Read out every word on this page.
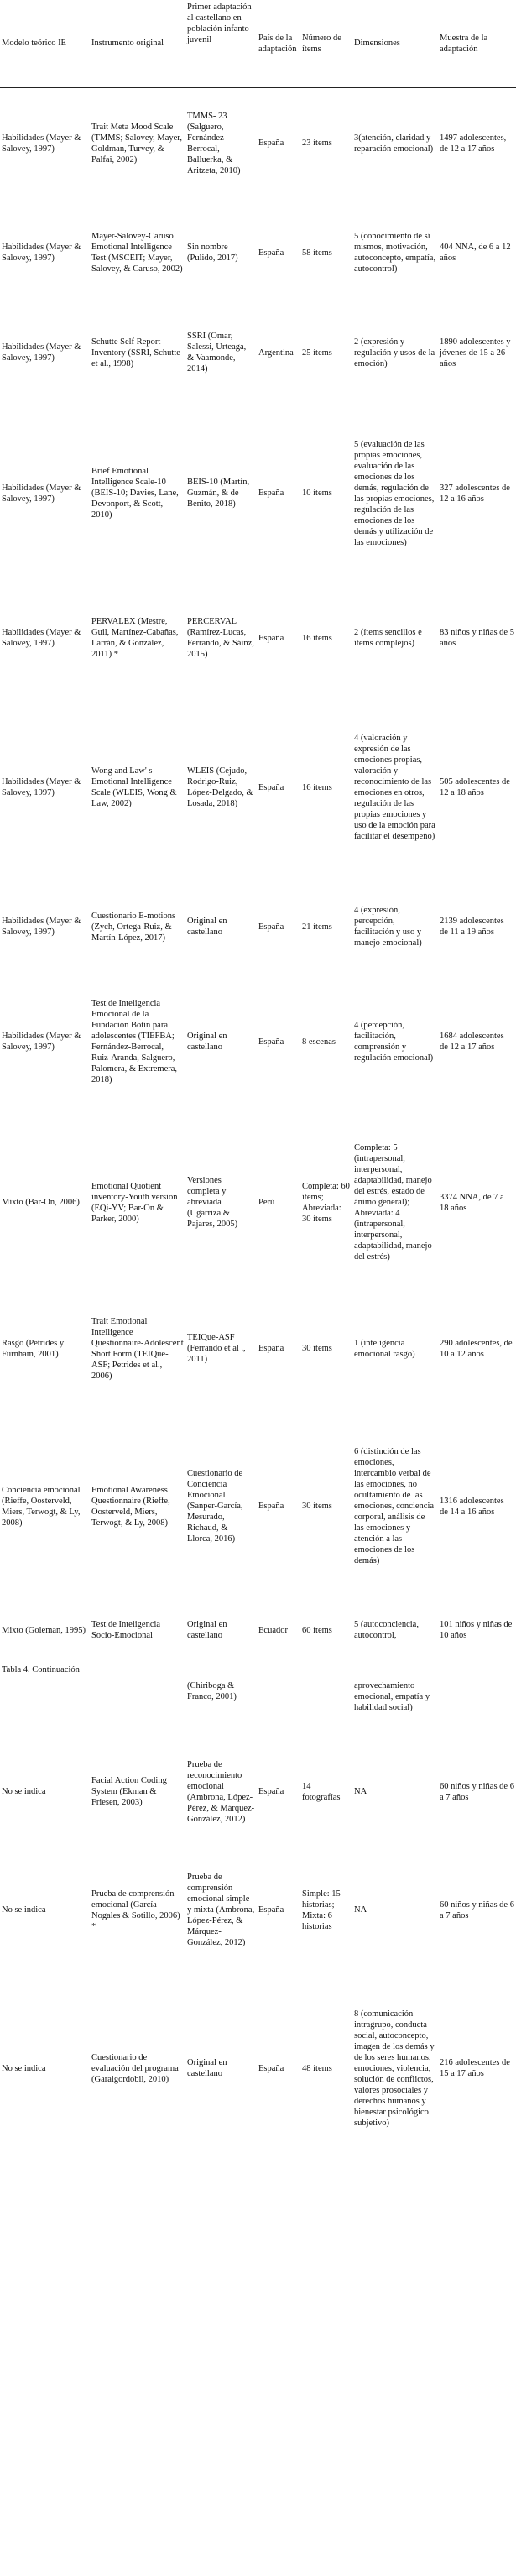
Modelo teórico IE	Instrumento original	Primer adaptación al castellano en población infanto-juvenil	País de la adaptación	Número de ítems	Dimensiones	Muestra de la adaptación
Habilidades (Mayer & Salovey, 1997)	Trait Meta Mood Scale (TMMS; Salovey, Mayer, Goldman, Turvey, & Palfai, 2002)	TMMS- 23 (Salguero, Fernández-Berrocal, Balluerka, & Aritzeta, 2010)	España	23 ítems	3(atención, claridad y reparación emocional)	1497 adolescentes, de 12 a 17 años
Habilidades (Mayer & Salovey, 1997)	Mayer-Salovey-Caruso Emotional Intelligence Test (MSCEIT; Mayer, Salovey, & Caruso, 2002)	Sin nombre (Pulido, 2017)	España	58 ítems	5 (conocimiento de sí mismos, motivación, autoconcepto, empatía, autocontrol)	404 NNA, de 6 a 12 años
Habilidades (Mayer & Salovey, 1997)	Schutte Self Report Inventory (SSRI, Schutte et al., 1998)	SSRI (Omar, Salessi, Urteaga, & Vaamonde, 2014)	Argentina	25 ítems	2 (expresión y regulación y usos de la emoción)	1890 adolescentes y jóvenes de 15 a 26 años
Habilidades (Mayer & Salovey, 1997)	Brief Emotional Intelligence Scale-10 (BEIS-10; Davies, Lane, Devonport, & Scott, 2010)	BEIS-10 (Martín, Guzmán, & de Benito, 2018)	España	10 ítems	5 (evaluación de las propias emociones, evaluación de las emociones de los demás, regulación de las propias emociones, regulación de las emociones de los demás y utilización de las emociones)	327 adolescentes de 12 a 16 años
Habilidades (Mayer & Salovey, 1997)	PERVALEX (Mestre, Guil, Martínez-Cabañas, Larrán, & González, 2011) *	PERCERVAL (Ramírez-Lucas, Ferrando, & Sáinz, 2015)	España	16 ítems	2 (ítems sencillos e ítems complejos)	83 niños y niñas de 5 años
Habilidades (Mayer & Salovey, 1997)	Wong and Law' s Emotional Intelligence Scale (WLEIS, Wong & Law, 2002)	WLEIS (Cejudo, Rodrigo-Ruiz, López-Delgado, & Losada, 2018)	España	16 ítems	4 (valoración y expresión de las emociones propias, valoración y reconocimiento de las emociones en otros, regulación de las propias emociones y uso de la emoción para facilitar el desempeño)	505 adolescentes de 12 a 18 años
Habilidades (Mayer & Salovey, 1997)	Cuestionario E-motions (Zych, Ortega-Ruiz, & Martín-López, 2017)	Original en castellano	España	21 ítems	4 (expresión, percepción, facilitación y uso y manejo emocional)	2139 adolescentes de 11 a 19 años
Habilidades (Mayer & Salovey, 1997)	Test de Inteligencia Emocional de la Fundación Botín para adolescentes (TIEFBA; Fernández-Berrocal, Ruiz-Aranda, Salguero, Palomera, & Extremera, 2018)	Original en castellano	España	8 escenas	4 (percepción, facilitación, comprensión y regulación emocional)	1684 adolescentes de 12 a 17 años
Mixto (Bar-On, 2006)	Emotional Quotient inventory-Youth version (EQi-YV; Bar-On & Parker, 2000)	Versiones completa y abreviada (Ugarriza & Pajares, 2005)	Perú	Completa: 60 ítems; Abreviada: 30 ítems	Completa: 5 (intrapersonal, interpersonal, adaptabilidad, manejo del estrés, estado de ánimo general); Abreviada: 4 (intrapersonal, interpersonal, adaptabilidad, manejo del estrés)	3374 NNA, de 7 a 18 años
Rasgo (Petrides y Furnham, 2001)	Trait Emotional Intelligence Questionnaire-Adolescent Short Form (TEIQue-ASF; Petrides et al., 2006)	TEIQue-ASF (Ferrando et al ., 2011)	España	30 ítems	1 (inteligencia emocional rasgo)	290 adolescentes, de 10 a 12 años
Conciencia emocional (Rieffe, Oosterveld, Miers, Terwogt, & Ly, 2008)	Emotional Awareness Questionnaire (Rieffe, Oosterveld, Miers, Terwogt, & Ly, 2008)	Cuestionario de Conciencia Emocional (Sanper-García, Mesurado, Richaud, & Llorca, 2016)	España	30 ítems	6 (distinción de las emociones, intercambio verbal de las emociones, no ocultamiento de las emociones, conciencia corporal, análisis de las emociones y atención a las emociones de los demás)	1316 adolescentes de 14 a 16 años
Mixto (Goleman, 1995)	Test de Inteligencia Socio-Emocional	Original en castellano	Ecuador	60 ítems	5 (autoconciencia, autocontrol,	101 niños y niñas de 10 años
Tabla 4. Continuación
		(Chiriboga & Franco, 2001)			aprovechamiento emocional, empatía y habilidad social)	
No se indica	Facial Action Coding System (Ekman & Friesen, 2003)	Prueba de reconocimiento emocional (Ambrona, López-Pérez, & Márquez-González, 2012)	España	14 fotografías	NA	60 niños y niñas de 6 a 7 años
No se indica	Prueba de comprensión emocional (García-Nogales & Sotillo, 2006) *	Prueba de comprensión emocional simple y mixta (Ambrona, López-Pérez, & Márquez-González, 2012)	España	Simple: 15 historias; Mixta: 6 historias	NA	60 niños y niñas de 6 a 7 años
No se indica	Cuestionario de evaluación del programa (Garaigordobil, 2010)	Original en castellano	España	48 ítems	8 (comunicación intragrupo, conducta social, autoconcepto, imagen de los demás y de los seres humanos, emociones, violencia, solución de conflictos, valores prosociales y derechos humanos y bienestar psicológico subjetivo)	216 adolescentes de 15 a 17 años
